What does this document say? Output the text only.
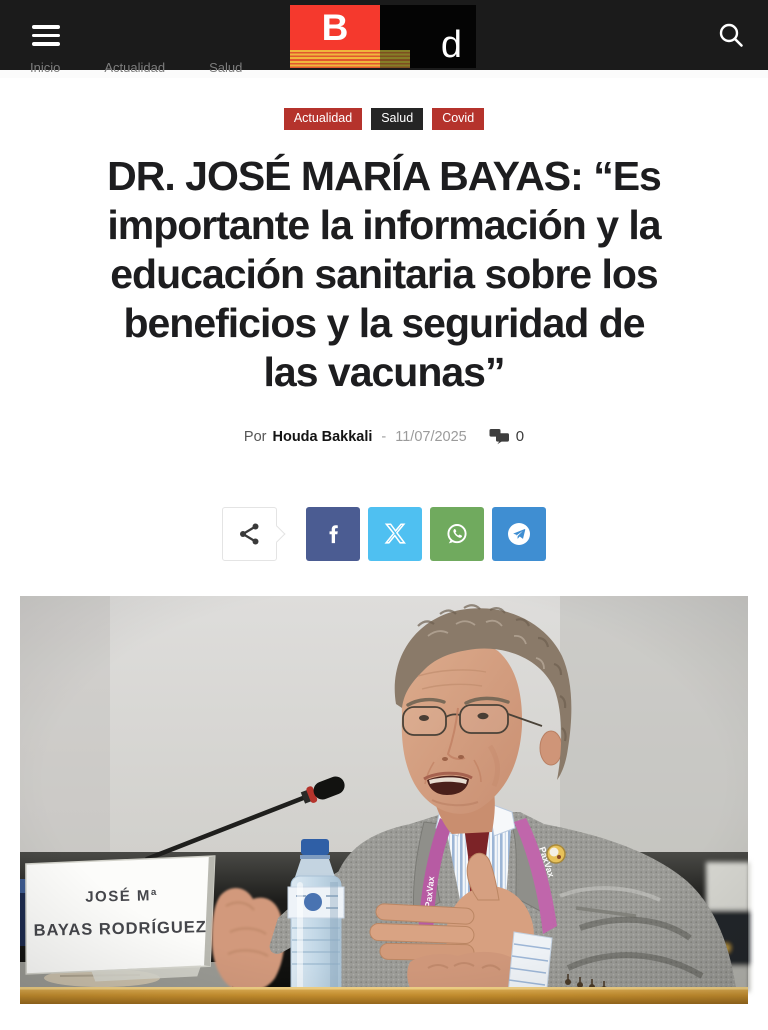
B d
Inicio	Actualidad	Salud
Actualidad	Salud	Covid
DR. JOSÉ MARÍA BAYAS: “Es
importante la información y la
educación sanitaria sobre los
beneficios y la seguridad de
las vacunas”
Por Houda Bakkali - 11/07/2025	0
